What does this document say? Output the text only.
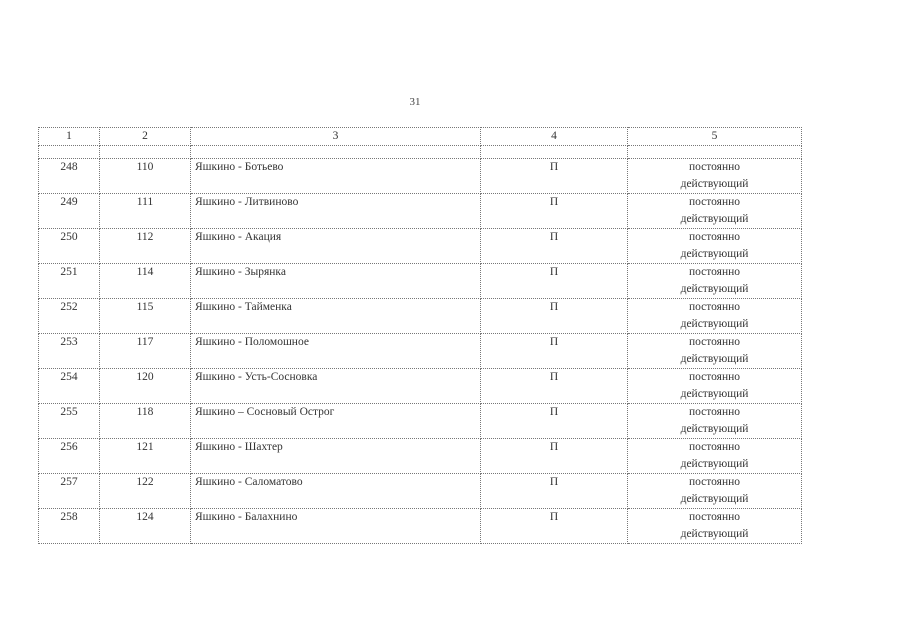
31
1	2	3	4	5

248	110	Яшкино - Ботьево	П	постоянно
действующий

249	111	Яшкино - Литвиново	П	постоянно
действующий

250	112	Яшкино - Акация	П	постоянно
действующий

251	114	Яшкино - Зырянка	П	постоянно
действующий

252	115	Яшкино - Тайменка	П	постоянно
действующий

253	117	Яшкино - Поломошное	П	постоянно
действующий

254	120	Яшкино - Усть-Сосновка	П	постоянно
действующий

255	118	Яшкино – Сосновый Острог	П	постоянно
действующий

256	121	Яшкино - Шахтер	П	постоянно
действующий

257	122	Яшкино - Саломатово	П	постоянно
действующий

258	124	Яшкино - Балахнино	П	постоянно
действующий
